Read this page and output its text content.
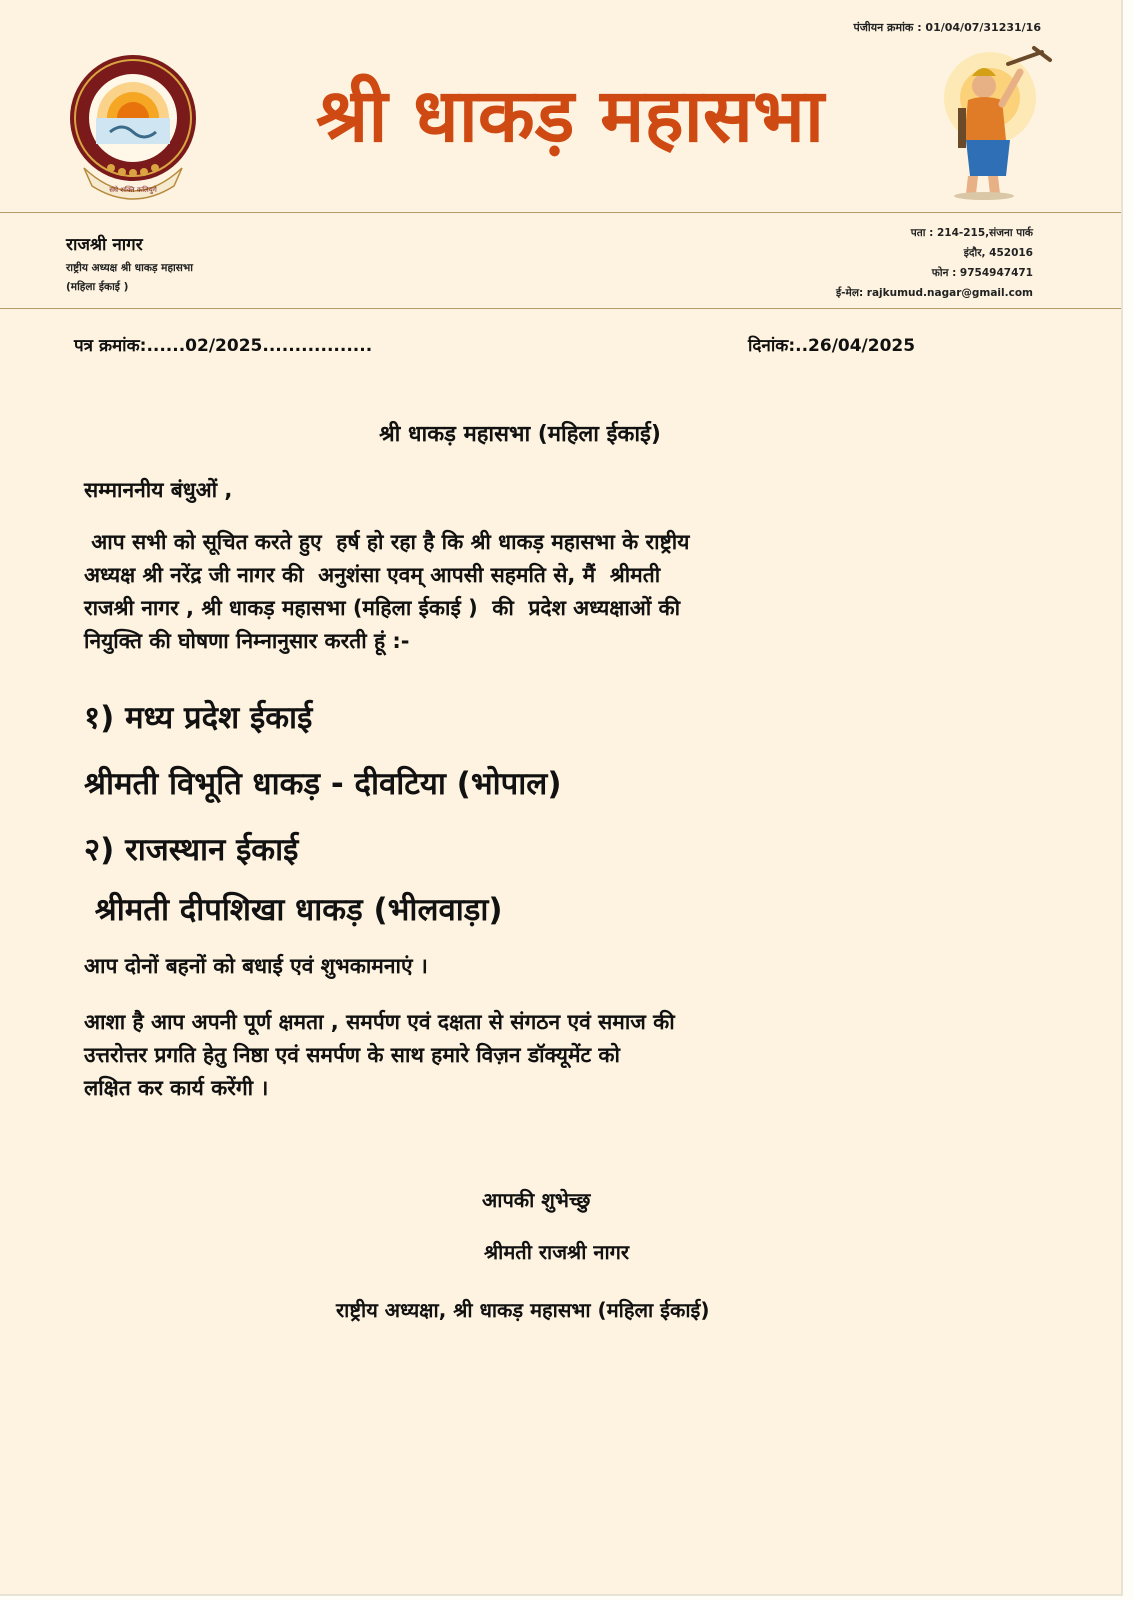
पंजीयन क्रमांक : 01/04/07/31231/16
संघे शक्ति कलियुगे
श्री धाकड़ महासभा
राजश्री नागर
राष्ट्रीय अध्यक्ष श्री धाकड़ महासभा
(महिला ईकाई )
पता : 214-215,संजना पार्क
इंदौर, 452016
फोन : 9754947471
ई-मेल: rajkumud.nagar@gmail.com
पत्र क्रमांक:......02/2025.................	दिनांक:..26/04/2025
श्री धाकड़ महासभा (महिला ईकाई)
सम्माननीय बंधुओं ,
आप सभी को सूचित करते हुए  हर्ष हो रहा है कि श्री धाकड़ महासभा के राष्ट्रीय
अध्यक्ष श्री नरेंद्र जी नागर की  अनुशंसा एवम् आपसी सहमति से, मैं  श्रीमती
राजश्री नागर , श्री धाकड़ महासभा (महिला ईकाई )  की  प्रदेश अध्यक्षाओं की
नियुक्ति की घोषणा निम्नानुसार करती हूं :-
१) मध्य प्रदेश ईकाई
श्रीमती विभूति धाकड़ - दीवटिया (भोपाल)
२) राजस्थान ईकाई
श्रीमती दीपशिखा धाकड़ (भीलवाड़ा)
आप दोनों बहनों को बधाई एवं शुभकामनाएं ।
आशा है आप अपनी पूर्ण क्षमता , समर्पण एवं दक्षता से संगठन एवं समाज की
उत्तरोत्तर प्रगति हेतु निष्ठा एवं समर्पण के साथ हमारे विज़न डॉक्यूमेंट को
लक्षित कर कार्य करेंगी ।
आपकी शुभेच्छु
श्रीमती राजश्री नागर
राष्ट्रीय अध्यक्षा, श्री धाकड़ महासभा (महिला ईकाई)
